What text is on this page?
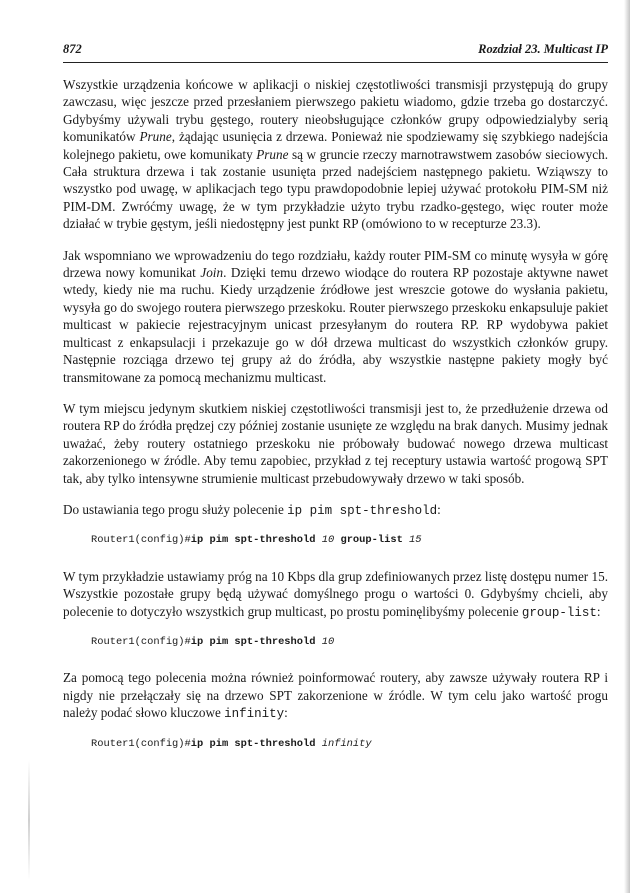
872	Rozdział 23. Multicast IP

Wszystkie urządzenia końcowe w aplikacji o niskiej częstotliwości transmisji przystępują do grupy zawczasu, więc jeszcze przed przesłaniem pierwszego pakietu wiadomo, gdzie trzeba go dostarczyć. Gdybyśmy używali trybu gęstego, routery nieobsługujące członków grupy odpowiedzialyby serią komunikatów Prune, żądając usunięcia z drzewa. Ponieważ nie spodziewamy się szybkiego nadejścia kolejnego pakietu, owe komunikaty Prune są w gruncie rzeczy marnotrawstwem zasobów sieciowych. Cała struktura drzewa i tak zostanie usunięta przed nadejściem następnego pakietu. Wziąwszy to wszystko pod uwagę, w aplikacjach tego typu prawdopodobnie lepiej używać protokołu PIM-SM niż PIM-DM. Zwróćmy uwagę, że w tym przykładzie użyto trybu rzadko-gęstego, więc router może działać w trybie gęstym, jeśli niedostępny jest punkt RP (omówiono to w recepturze 23.3).

Jak wspomniano we wprowadzeniu do tego rozdziału, każdy router PIM-SM co minutę wysyła w górę drzewa nowy komunikat Join. Dzięki temu drzewo wiodące do routera RP pozostaje aktywne nawet wtedy, kiedy nie ma ruchu. Kiedy urządzenie źródłowe jest wreszcie gotowe do wysłania pakietu, wysyła go do swojego routera pierwszego przeskoku. Router pierwszego przeskoku enkapsuluje pakiet multicast w pakiecie rejestracyjnym unicast przesyłanym do routera RP. RP wydobywa pakiet multicast z enkapsulacji i przekazuje go w dół drzewa multicast do wszystkich członków grupy. Następnie rozciąga drzewo tej grupy aż do źródła, aby wszystkie następne pakiety mogły być transmitowane za pomocą mechanizmu multicast.

W tym miejscu jedynym skutkiem niskiej częstotliwości transmisji jest to, że przedłużenie drzewa od routera RP do źródła prędzej czy później zostanie usunięte ze względu na brak danych. Musimy jednak uważać, żeby routery ostatniego przeskoku nie próbowały budować nowego drzewa multicast zakorzenionego w źródle. Aby temu zapobiec, przykład z tej receptury ustawia wartość progową SPT tak, aby tylko intensywne strumienie multicast przebudowywały drzewo w taki sposób.

Do ustawiania tego progu służy polecenie ip pim spt-threshold:

Router1(config)#ip pim spt-threshold 10 group-list 15

W tym przykładzie ustawiamy próg na 10 Kbps dla grup zdefiniowanych przez listę dostępu numer 15. Wszystkie pozostałe grupy będą używać domyślnego progu o wartości 0. Gdybyśmy chcieli, aby polecenie to dotyczyło wszystkich grup multicast, po prostu pominęlibyśmy polecenie group-list:

Router1(config)#ip pim spt-threshold 10

Za pomocą tego polecenia można również poinformować routery, aby zawsze używały routera RP i nigdy nie przełączały się na drzewo SPT zakorzenione w źródle. W tym celu jako wartość progu należy podać słowo kluczowe infinity:

Router1(config)#ip pim spt-threshold infinity
